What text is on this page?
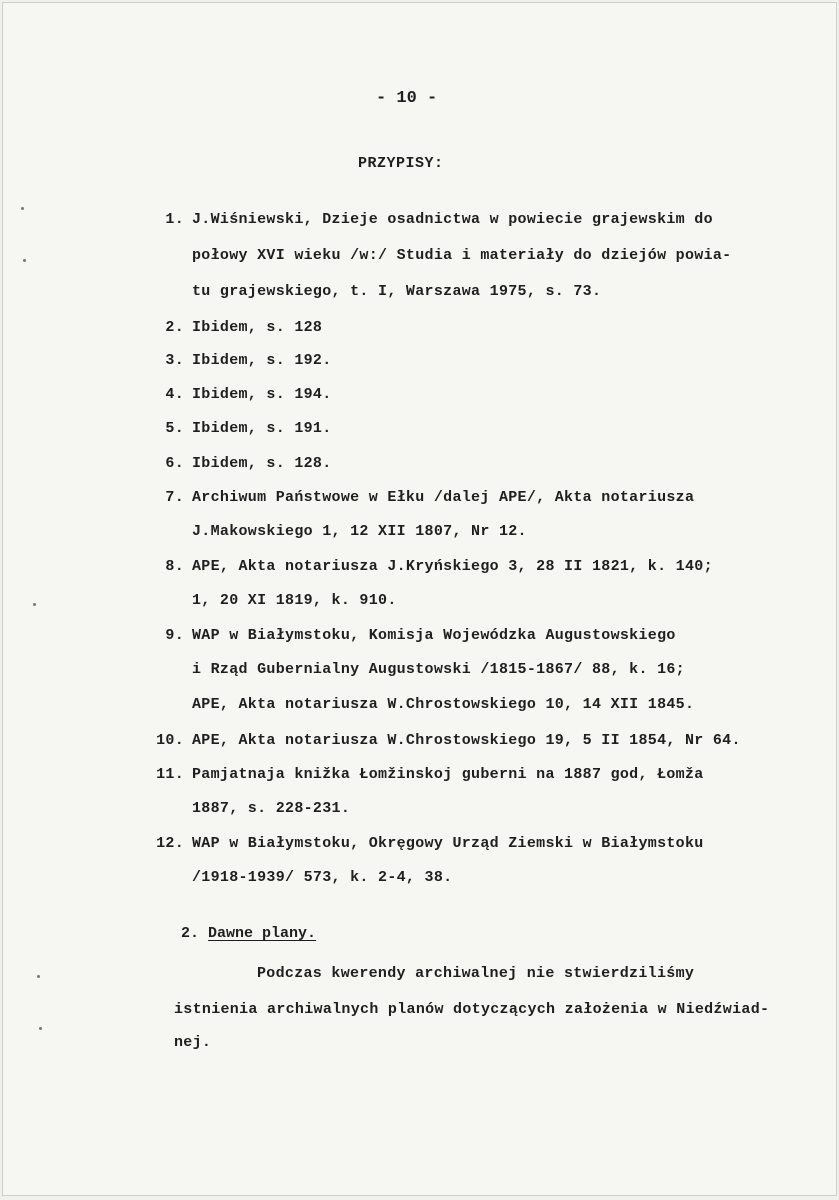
- 10 -
PRZYPISY:
1. J.Wiśniewski, Dzieje osadnictwa w powiecie grajewskim do
połowy XVI wieku /w:/ Studia i materiały do dziejów powia-
tu grajewskiego, t. I, Warszawa 1975, s. 73.
2. Ibidem, s. 128
3. Ibidem, s. 192.
4. Ibidem, s. 194.
5. Ibidem, s. 191.
6. Ibidem, s. 128.
7. Archiwum Państwowe w Ełku /dalej APE/, Akta notariusza
J.Makowskiego 1, 12 XII 1807, Nr 12.
8. APE, Akta notariusza J.Kryńskiego 3, 28 II 1821, k. 140;
1, 20 XI 1819, k. 910.
9. WAP w Białymstoku, Komisja Wojewódzka Augustowskiego
i Rząd Gubernialny Augustowski /1815-1867/ 88, k. 16;
APE, Akta notariusza W.Chrostowskiego 10, 14 XII 1845.
10. APE, Akta notariusza W.Chrostowskiego 19, 5 II 1854, Nr 64.
11. Pamjatnaja knižka Łomžinskoj guberni na 1887 god, Łomža
1887, s. 228-231.
12. WAP w Białymstoku, Okręgowy Urząd Ziemski w Białymstoku
/1918-1939/ 573, k. 2-4, 38.
2. Dawne plany.
Podczas kwerendy archiwalnej nie stwierdziliśmy
istnienia archiwalnych planów dotyczących założenia w Niedźwiad-
nej.
